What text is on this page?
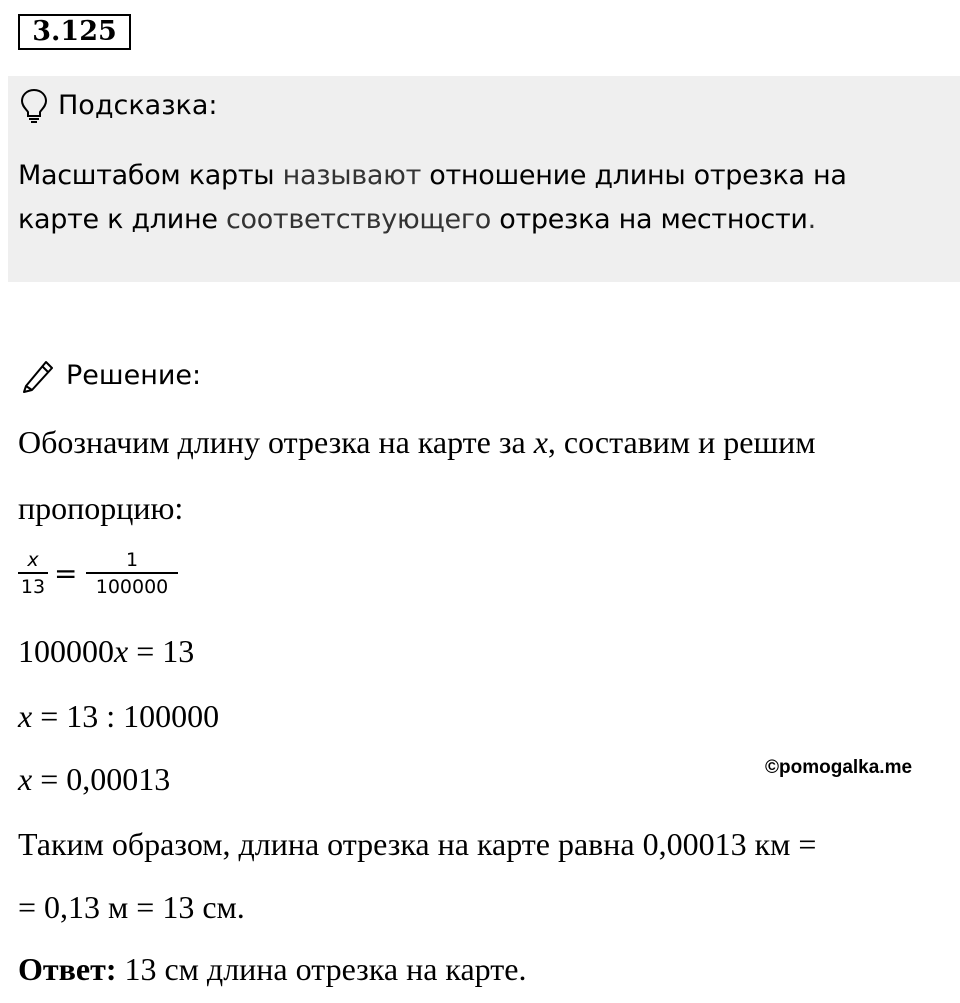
3.125
Подсказка:
Масштабом карты называют отношение длины отрезка на карте к длине соответствующего отрезка на местности.
Решение:
Обозначим длину отрезка на карте за x, составим и решим
пропорцию:
x
13 =	1
100000
100000x = 13
x = 13 : 100000
x = 0,00013	©pomogalka.me
Таким образом, длина отрезка на карте равна 0,00013 км =
= 0,13 м = 13 см.
Ответ: 13 см длина отрезка на карте.
